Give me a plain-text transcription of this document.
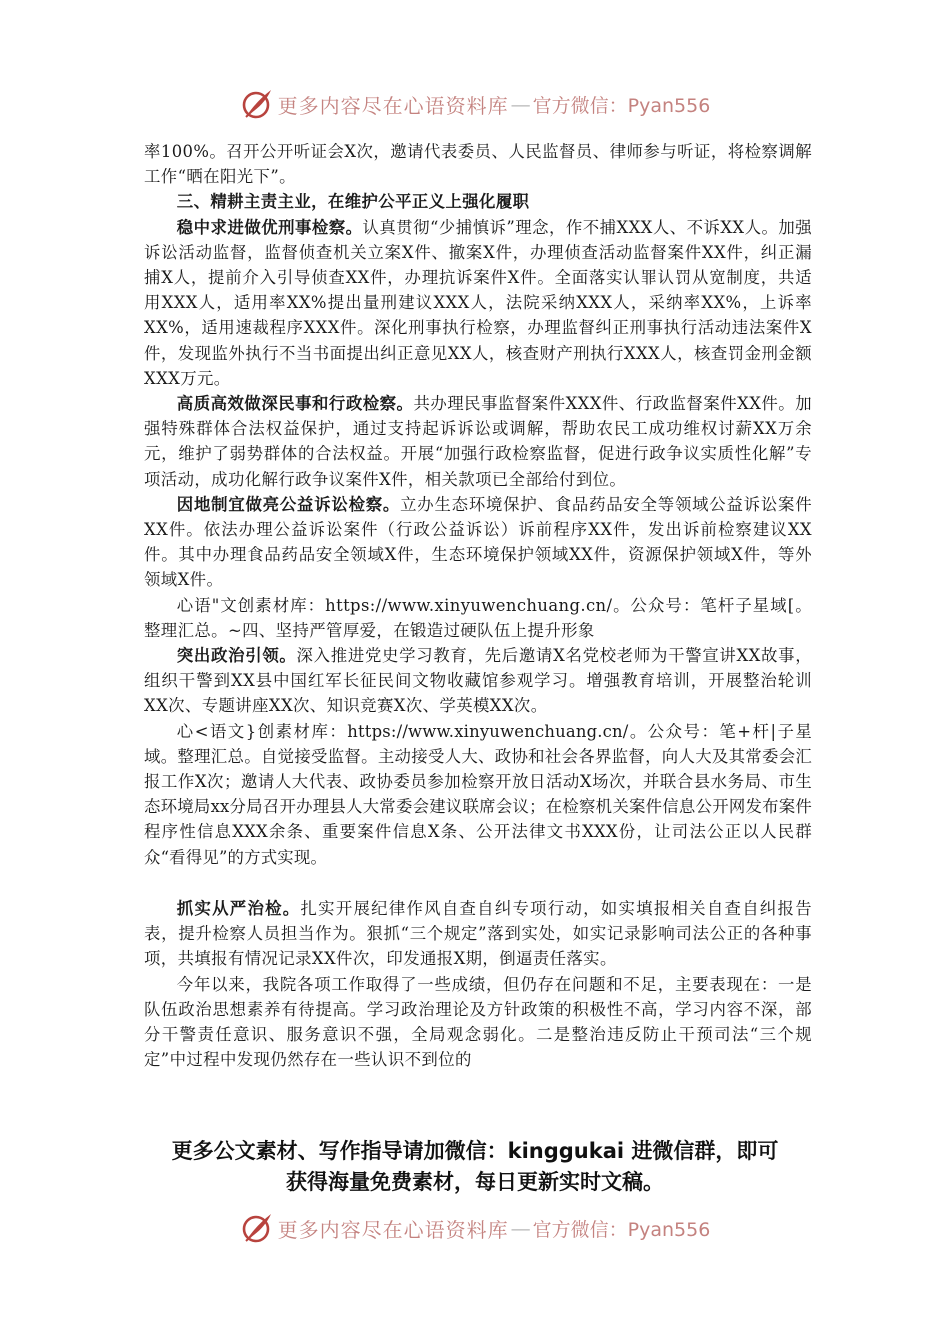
更多内容尽在心语资料库 — 官方微信：Pyan556

率100%。召开公开听证会X次，邀请代表委员、人民监督员、律师参与听证，将检察调解工作“晒在阳光下”。

三、精耕主责主业，在维护公平正义上强化履职

稳中求进做优刑事检察。认真贯彻“少捕慎诉”理念，作不捕XXX人、不诉XX人。加强诉讼活动监督，监督侦查机关立案X件、撤案X件，办理侦查活动监督案件XX件，纠正漏捕X人，提前介入引导侦查XX件，办理抗诉案件X件。全面落实认罪认罚从宽制度，共适用XXX人，适用率XX%提出量刑建议XXX人，法院采纳XXX人，采纳率XX%，上诉率XX%，适用速裁程序XXX件。深化刑事执行检察，办理监督纠正刑事执行活动违法案件X件，发现监外执行不当书面提出纠正意见XX人，核查财产刑执行XXX人，核查罚金刑金额XXX万元。

高质高效做深民事和行政检察。共办理民事监督案件XXX件、行政监督案件XX件。加强特殊群体合法权益保护，通过支持起诉诉讼或调解，帮助农民工成功维权讨薪XX万余元，维护了弱势群体的合法权益。开展“加强行政检察监督，促进行政争议实质性化解”专项活动，成功化解行政争议案件X件，相关款项已全部给付到位。

因地制宜做亮公益诉讼检察。立办生态环境保护、食品药品安全等领域公益诉讼案件XX件。依法办理公益诉讼案件（行政公益诉讼）诉前程序XX件，发出诉前检察建议XX件。其中办理食品药品安全领域X件，生态环境保护领域XX件，资源保护领域X件，等外领域X件。

心语"文创素材库：https://www.xinyuwenchuang.cn/。公众号：笔杆子星域[。整理汇总。~四、坚持严管厚爱，在锻造过硬队伍上提升形象

突出政治引领。深入推进党史学习教育，先后邀请X名党校老师为干警宣讲XX故事，组织干警到XX县中国红军长征民间文物收藏馆参观学习。增强教育培训，开展整治轮训XX次、专题讲座XX次、知识竞赛X次、学英模XX次。

心<语文}创素材库：https://www.xinyuwenchuang.cn/。公众号：笔+杆|子星域。整理汇总。自觉接受监督。主动接受人大、政协和社会各界监督，向人大及其常委会汇报工作X次；邀请人大代表、政协委员参加检察开放日活动X场次，并联合县水务局、市生态环境局xx分局召开办理县人大常委会建议联席会议；在检察机关案件信息公开网发布案件程序性信息XXX余条、重要案件信息X条、公开法律文书XXX份，让司法公正以人民群众“看得见”的方式实现。

抓实从严治检。扎实开展纪律作风自查自纠专项行动，如实填报相关自查自纠报告表，提升检察人员担当作为。狠抓“三个规定”落到实处，如实记录影响司法公正的各种事项，共填报有情况记录XX件次，印发通报X期，倒逼责任落实。

今年以来，我院各项工作取得了一些成绩，但仍存在问题和不足，主要表现在：一是队伍政治思想素养有待提高。学习政治理论及方针政策的积极性不高，学习内容不深，部分干警责任意识、服务意识不强，全局观念弱化。二是整治违反防止干预司法“三个规定”中过程中发现仍然存在一些认识不到位的

更多公文素材、写作指导请加微信：kinggukai 进微信群，即可
获得海量免费素材，每日更新实时文稿。
更多内容尽在心语资料库 — 官方微信：Pyan556
